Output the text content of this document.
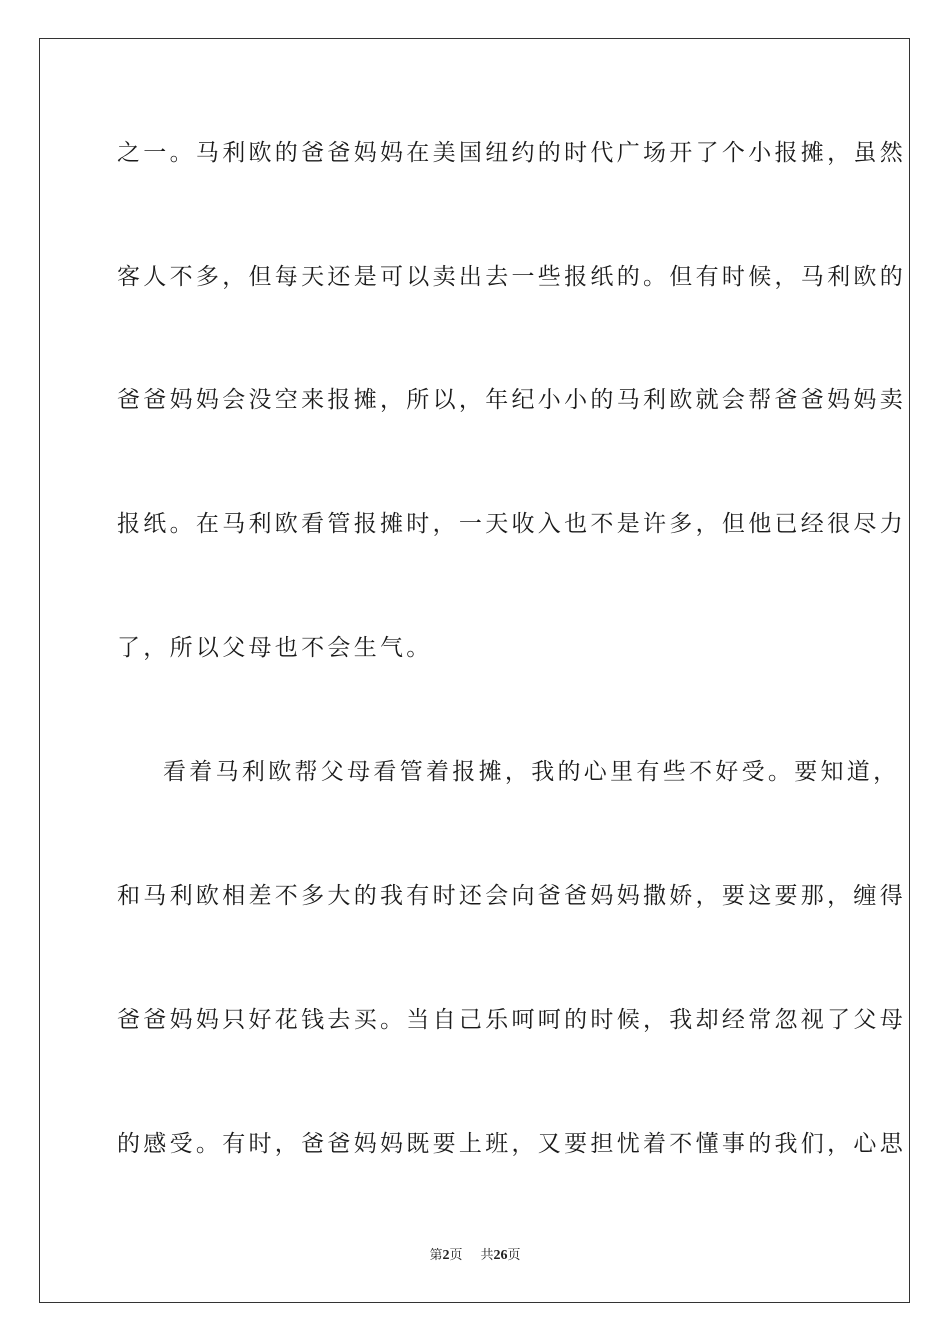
之一。马利欧的爸爸妈妈在美国纽约的时代广场开了个小报摊，虽然
客人不多，但每天还是可以卖出去一些报纸的。但有时候，马利欧的
爸爸妈妈会没空来报摊，所以，年纪小小的马利欧就会帮爸爸妈妈卖
报纸。在马利欧看管报摊时，一天收入也不是许多，但他已经很尽力
了，所以父母也不会生气。
看着马利欧帮父母看管着报摊，我的心里有些不好受。要知道，
和马利欧相差不多大的我有时还会向爸爸妈妈撒娇，要这要那，缠得
爸爸妈妈只好花钱去买。当自己乐呵呵的时候，我却经常忽视了父母
的感受。有时，爸爸妈妈既要上班，又要担忧着不懂事的我们，心思
第2页 共26页
